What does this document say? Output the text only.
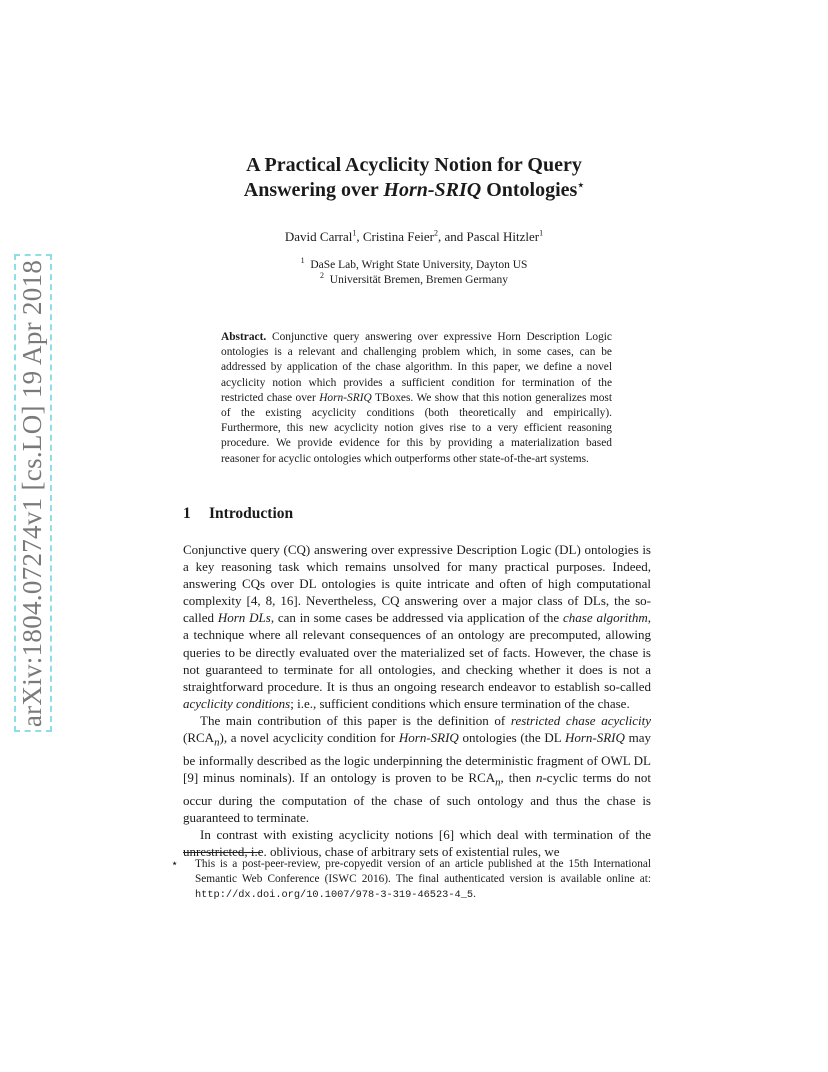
arXiv:1804.07274v1 [cs.LO] 19 Apr 2018
A Practical Acyclicity Notion for Query
Answering over Horn-SRIQ Ontologies⋆
David Carral$^1$, Cristina Feier$^2$, and Pascal Hitzler$^1$
$^1$ DaSe Lab, Wright State University, Dayton US
$^2$ Universität Bremen, Bremen Germany
Abstract. Conjunctive query answering over expressive Horn Description Logic ontologies is a relevant and challenging problem which, in some cases, can be addressed by application of the chase algorithm. In this paper, we define a novel acyclicity notion which provides a sufficient condition for termination of the restricted chase over Horn-SRIQ TBoxes. We show that this notion generalizes most of the existing acyclicity conditions (both theoretically and empirically). Furthermore, this new acyclicity notion gives rise to a very efficient reasoning procedure. We provide evidence for this by providing a materialization based reasoner for acyclic ontologies which outperforms other state-of-the-art systems.
1 Introduction

Conjunctive query (CQ) answering over expressive Description Logic (DL) ontologies is a key reasoning task which remains unsolved for many practical purposes. Indeed, answering CQs over DL ontologies is quite intricate and often of high computational complexity [4, 8, 16]. Nevertheless, CQ answering over a major class of DLs, the so-called Horn DLs, can in some cases be addressed via application of the chase algorithm, a technique where all relevant consequences of an ontology are precomputed, allowing queries to be directly evaluated over the materialized set of facts. However, the chase is not guaranteed to terminate for all ontologies, and checking whether it does is not a straightforward procedure. It is thus an ongoing research endeavor to establish so-called acyclicity conditions; i.e., sufficient conditions which ensure termination of the chase.

The main contribution of this paper is the definition of restricted chase acyclicity $(RCA_n)$, a novel acyclicity condition for Horn-SRIQ ontologies (the DL Horn-SRIQ may be informally described as the logic underpinning the deterministic fragment of OWL DL [9] minus nominals). If an ontology is proven to be $RCA_n$, then n-cyclic terms do not occur during the computation of the chase of such ontology and thus the chase is guaranteed to terminate.

In contrast with existing acyclicity notions [6] which deal with termination of the unrestricted, i.e. oblivious, chase of arbitrary sets of existential rules, we

⋆ This is a post-peer-review, pre-copyedit version of an article published at the 15th International Semantic Web Conference (ISWC 2016). The final authenticated version is available online at: http://dx.doi.org/10.1007/978-3-319-46523-4_5.
